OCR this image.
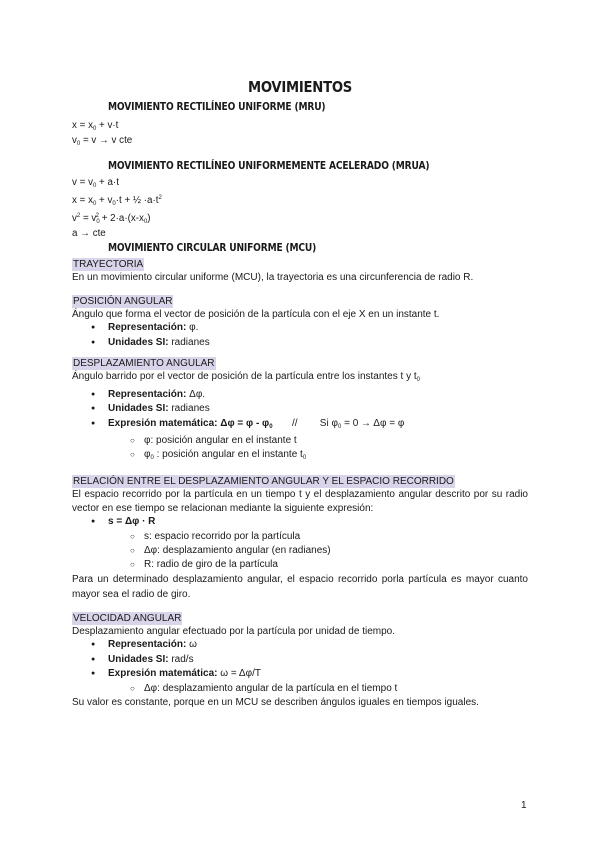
MOVIMIENTOS
MOVIMIENTO RECTILÍNEO UNIFORME (MRU)
$x = x_0 + v\cdot t$
$v_0 = v \to v$ cte
MOVIMIENTO RECTILÍNEO UNIFORMEMENTE ACELERADO (MRUA)
$v = v_0 + a\cdot t$
$x = x_0 + v_0\cdot t$ + ½ $\cdot a\cdot t^2$
$v^2 = v_0^2 + 2\cdot a\cdot(x-x_0)$
a → cte
MOVIMIENTO CIRCULAR UNIFORME (MCU)
TRAYECTORIA
En un movimiento circular uniforme (MCU), la trayectoria es una circunferencia de radio R.
POSICIÓN ANGULAR
Ángulo que forma el vector de posición de la partícula con el eje X en un instante t.
● Representación: φ.
● Unidades SI: radianes
DESPLAZAMIENTO ANGULAR
Ángulo barrido por el vector de posición de la partícula entre los instantes t y $t_0$
● Representación: Δφ.
● Unidades SI: radianes
● Expresión matemática: $\Delta\varphi = \varphi - \varphi_0$       //        Si $\varphi_0 = 0 \to \Delta\varphi = \varphi$
○ φ: posición angular en el instante t
○ $\varphi_0$ : posición angular en el instante $t_0$
RELACIÓN ENTRE EL DESPLAZAMIENTO ANGULAR Y EL ESPACIO RECORRIDO
El espacio recorrido por la partícula en un tiempo t y el desplazamiento angular descrito por su radio vector en ese tiempo se relacionan mediante la siguiente expresión:
● s = Δφ · R
○ s: espacio recorrido por la partícula
○ Δφ: desplazamiento angular (en radianes)
○ R: radio de giro de la partícula
Para un determinado desplazamiento angular, el espacio recorrido porla partícula es mayor cuanto mayor sea el radio de giro.
VELOCIDAD ANGULAR
Desplazamiento angular efectuado por la partícula por unidad de tiempo.
● Representación: ω
● Unidades SI: rad/s
● Expresión matemática: ω = Δφ/T
○ Δφ: desplazamiento angular de la partícula en el tiempo t
Su valor es constante, porque en un MCU se describen ángulos iguales en tiempos iguales.
1
